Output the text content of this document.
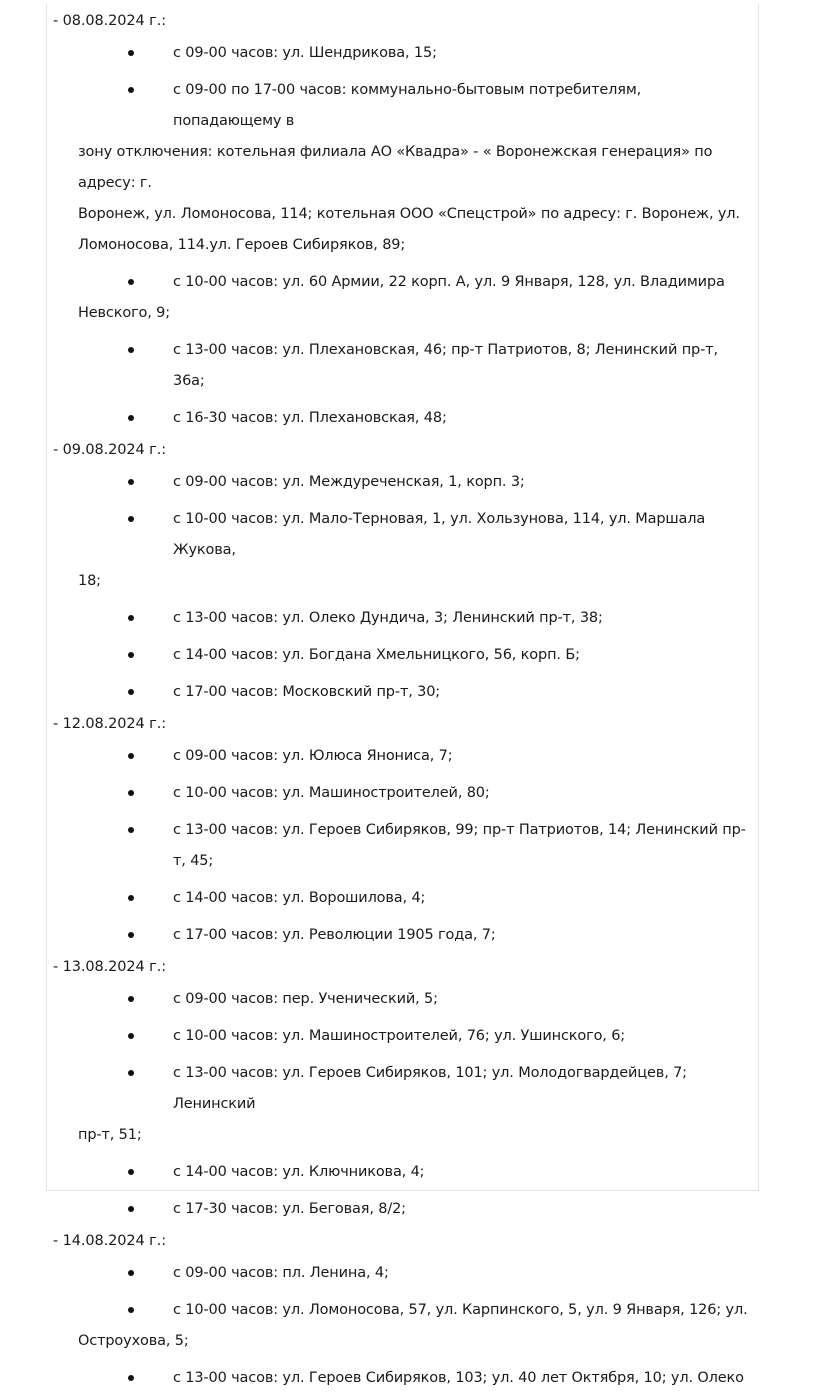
- 08.08.2024 г.:
с 09-00 часов: ул. Шендрикова, 15;
с 09-00 по 17-00 часов: коммунально-бытовым потребителям, попадающему в
зону отключения: котельная филиала АО «Квадра» - « Воронежская генерация» по адресу: г.
Воронеж, ул. Ломоносова, 114; котельная ООО «Спецстрой» по адресу: г. Воронеж, ул.
Ломоносова, 114.ул. Героев Сибиряков, 89;
с 10-00 часов: ул. 60 Армии, 22 корп. А, ул. 9 Января, 128, ул. Владимира
Невского, 9;
с 13-00 часов: ул. Плехановская, 46; пр-т Патриотов, 8; Ленинский пр-т, 36а;
с 16-30 часов: ул. Плехановская, 48;
- 09.08.2024 г.:
с 09-00 часов: ул. Междуреченская, 1, корп. 3;
с 10-00 часов: ул. Мало-Терновая, 1, ул. Хользунова, 114, ул. Маршала Жукова,
18;
с 13-00 часов: ул. Олеко Дундича, 3; Ленинский пр-т, 38;
с 14-00 часов: ул. Богдана Хмельницкого, 56, корп. Б;
с 17-00 часов: Московский пр-т, 30;
- 12.08.2024 г.:
с 09-00 часов: ул. Юлюса Янониса, 7;
с 10-00 часов: ул. Машиностроителей, 80;
с 13-00 часов: ул. Героев Сибиряков, 99; пр-т Патриотов, 14; Ленинский пр-т, 45;
с 14-00 часов: ул. Ворошилова, 4;
с 17-00 часов: ул. Революции 1905 года, 7;
- 13.08.2024 г.:
с 09-00 часов: пер. Ученический, 5;
с 10-00 часов: ул. Машиностроителей, 76; ул. Ушинского, 6;
с 13-00 часов: ул. Героев Сибиряков, 101; ул. Молодогвардейцев, 7; Ленинский
пр-т, 51;
с 14-00 часов: ул. Ключникова, 4;
с 17-30 часов: ул. Беговая, 8/2;
- 14.08.2024 г.:
с 09-00 часов: пл. Ленина, 4;
с 10-00 часов: ул. Ломоносова, 57, ул. Карпинского, 5, ул. 9 Января, 126; ул.
Остроухова, 5;
с 13-00 часов: ул. Героев Сибиряков, 103; ул. 40 лет Октября, 10; ул. Олеко
